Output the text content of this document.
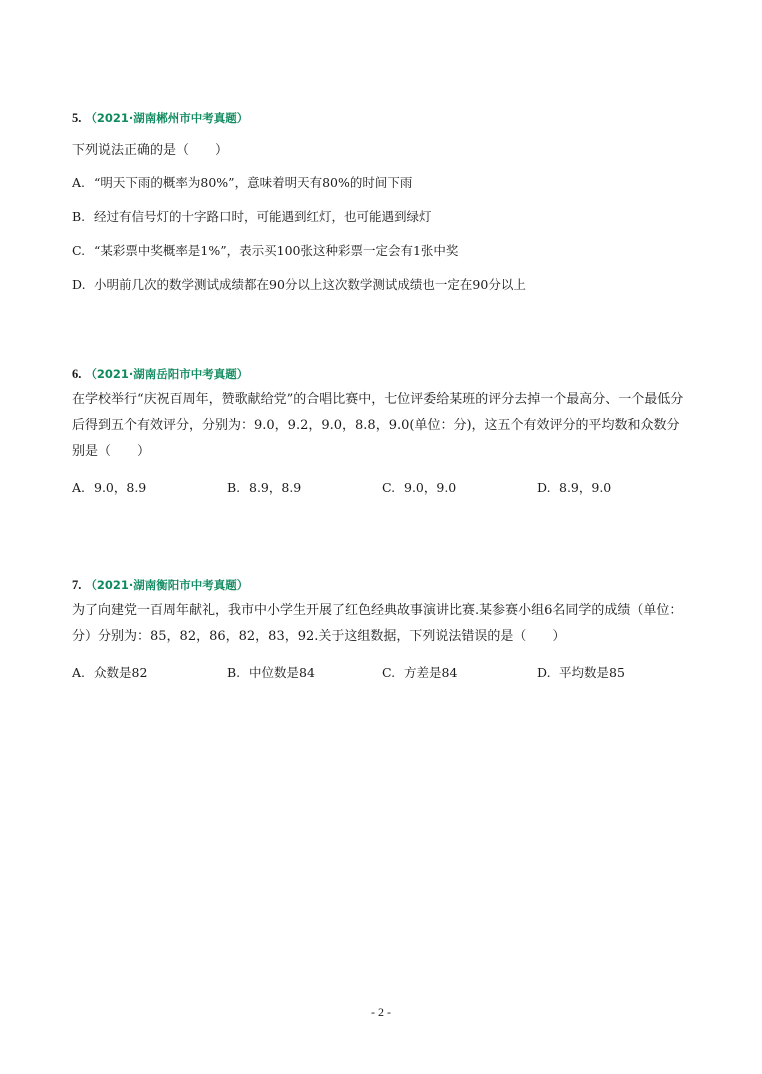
5. （2021·湖南郴州市中考真题）
下列说法正确的是（　　）
A. “明天下雨的概率为80%”，意味着明天有80%的时间下雨
B. 经过有信号灯的十字路口时，可能遇到红灯，也可能遇到绿灯
C. “某彩票中奖概率是1%”，表示买100张这种彩票一定会有1张中奖
D. 小明前几次的数学测试成绩都在90分以上这次数学测试成绩也一定在90分以上
6. （2021·湖南岳阳市中考真题）
在学校举行“庆祝百周年，赞歌献给党”的合唱比赛中，七位评委给某班的评分去掉一个最高分、一个最低分后得到五个有效评分，分别为：9.0，9.2，9.0，8.8，9.0(单位：分)，这五个有效评分的平均数和众数分别是（　　）
A. 9.0，8.9	B. 8.9，8.9	C. 9.0，9.0	D. 8.9，9.0
7. （2021·湖南衡阳市中考真题）
为了向建党一百周年献礼，我市中小学生开展了红色经典故事演讲比赛.某参赛小组6名同学的成绩（单位：分）分别为：85，82，86，82，83，92.关于这组数据，下列说法错误的是（　　）
A. 众数是82	B. 中位数是84	C. 方差是84	D. 平均数是85
- 2 -
